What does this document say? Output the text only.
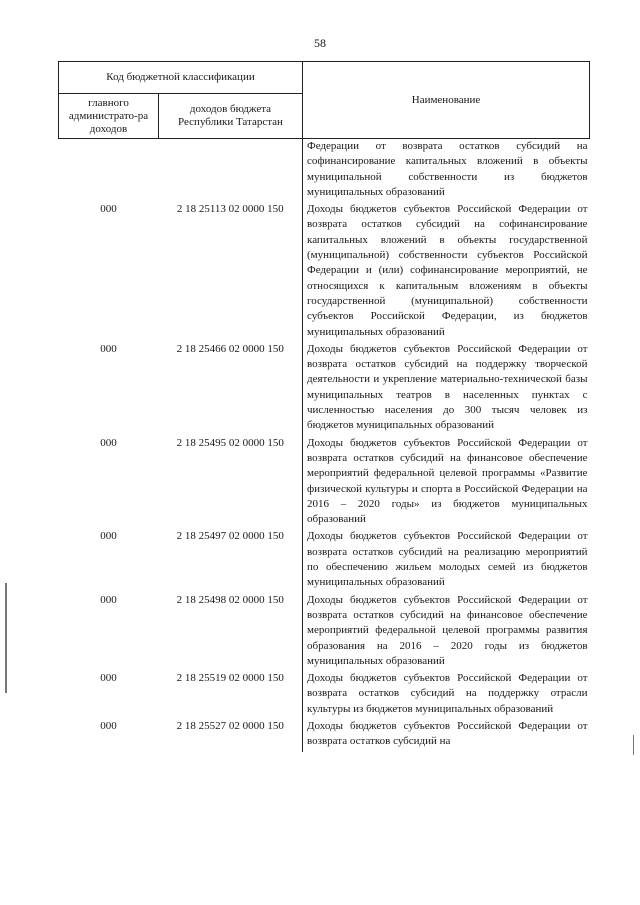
58
Код бюджетной классификации		Наименование
главного администрато-ра доходов	доходов бюджета Республики Татарстан	
		Федерации от возврата остатков субсидий на софинансирование капитальных вложений в объекты муниципальной собственности из бюджетов муниципальных образований
000	2 18 25113 02 0000 150	Доходы бюджетов субъектов Российской Федерации от возврата остатков субсидий на софинансирование капитальных вложений в объекты государственной (муниципальной) собственности субъектов Российской Федерации и (или) софинансирование мероприятий, не относящихся к капитальным вложениям в объекты государственной (муниципальной) собственности субъектов Российской Федерации, из бюджетов муниципальных образований
000	2 18 25466 02 0000 150	Доходы бюджетов субъектов Российской Федерации от возврата остатков субсидий на поддержку творческой деятельности и укрепление материально-технической базы муниципальных театров в населенных пунктах с численностью населения до 300 тысяч человек из бюджетов муниципальных образований
000	2 18 25495 02 0000 150	Доходы бюджетов субъектов Российской Федерации от возврата остатков субсидий на финансовое обеспечение мероприятий федеральной целевой программы «Развитие физической культуры и спорта в Российской Федерации на 2016 – 2020 годы» из бюджетов муниципальных образований
000	2 18 25497 02 0000 150	Доходы бюджетов субъектов Российской Федерации от возврата остатков субсидий на реализацию мероприятий по обеспечению жильем молодых семей из бюджетов муниципальных образований
000	2 18 25498 02 0000 150	Доходы бюджетов субъектов Российской Федерации от возврата остатков субсидий на финансовое обеспечение мероприятий федеральной целевой программы развития образования на 2016 – 2020 годы из бюджетов муниципальных образований
000	2 18 25519 02 0000 150	Доходы бюджетов субъектов Российской Федерации от возврата остатков субсидий на поддержку отрасли культуры из бюджетов муниципальных образований
000	2 18 25527 02 0000 150	Доходы бюджетов субъектов Российской Федерации от возврата остатков субсидий на
